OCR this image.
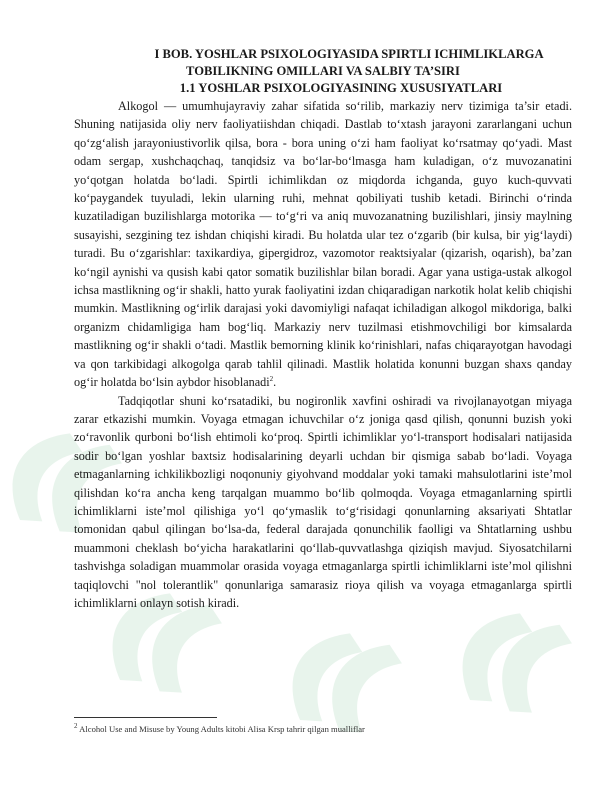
I BOB. YOSHLAR PSIXOLOGIYASIDA SPIRTLI ICHIMLIKLARGA
TOBILIKNING OMILLARI VA SALBIY TA’SIRI
1.1 YOSHLAR PSIXOLOGIYASINING XUSUSIYATLARI

Alkogol — umumhujayraviy zahar sifatida so‘rilib, markaziy nerv tizimiga ta’sir etadi. Shuning natijasida oliy nerv faoliyatiishdan chiqadi. Dastlab to‘xtash jarayoni zararlangani uchun qo‘zg‘alish jarayoniustivorlik qilsa, bora - bora uning o‘zi ham faoliyat ko‘rsatmay qo‘yadi. Mast odam sergap, xushchaqchaq, tanqidsiz va bo‘lar-bo‘lmasga ham kuladigan, o‘z muvozanatini yo‘qotgan holatda bo‘ladi. Spirtli ichimlikdan oz miqdorda ichganda, guyo kuch-quvvati ko‘paygandek tuyuladi, lekin ularning ruhi, mehnat qobiliyati tushib ketadi. Birinchi o‘rinda kuzatiladigan buzilishlarga motorika — to‘g‘ri va aniq muvozanatning buzilishlari, jinsiy maylning susayishi, sezgining tez ishdan chiqishi kiradi. Bu holatda ular tez o‘zgarib (bir kulsa, bir yig‘laydi) turadi. Bu o‘zgarishlar: taxikardiya, gipergidroz, vazomotor reaktsiyalar (qizarish, oqarish), ba’zan ko‘ngil aynishi va qusish kabi qator somatik buzilishlar bilan boradi. Agar yana ustiga-ustak alkogol ichsa mastlikning og‘ir shakli, hatto yurak faoliyatini izdan chiqaradigan narkotik holat kelib chiqishi mumkin. Mastlikning og‘irlik darajasi yoki davomiyligi nafaqat ichiladigan alkogol mikdoriga, balki organizm chidamligiga ham bog‘liq. Markaziy nerv tuzilmasi etishmovchiligi bor kimsalarda mastlikning og‘ir shakli o‘tadi. Mastlik bemorning klinik ko‘rinishlari, nafas chiqarayotgan havodagi va qon tarkibidagi alkogolga qarab tahlil qilinadi. Mastlik holatida konunni buzgan shaxs qanday og‘ir holatda bo‘lsin aybdor hisoblanadi$^2$.

Tadqiqotlar shuni ko‘rsatadiki, bu nogironlik xavfini oshiradi va rivojlanayotgan miyaga zarar etkazishi mumkin. Voyaga etmagan ichuvchilar o‘z joniga qasd qilish, qonunni buzish yoki zo‘ravonlik qurboni bo‘lish ehtimoli ko‘proq. Spirtli ichimliklar yo‘l-transport hodisalari natijasida sodir bo‘lgan yoshlar baxtsiz hodisalarining deyarli uchdan bir qismiga sabab bo‘ladi. Voyaga etmaganlarning ichkilikbozligi noqonuniy giyohvand moddalar yoki tamaki mahsulotlarini iste’mol qilishdan ko‘ra ancha keng tarqalgan muammo bo‘lib qolmoqda. Voyaga etmaganlarning spirtli ichimliklarni iste’mol qilishiga yo‘l qo‘ymaslik to‘g‘risidagi qonunlarning aksariyati Shtatlar tomonidan qabul qilingan bo‘lsa-da, federal darajada qonunchilik faolligi va Shtatlarning ushbu muammoni cheklash bo‘yicha harakatlarini qo‘llab-quvvatlashga qiziqish mavjud. Siyosatchilarni tashvishga soladigan muammolar orasida voyaga etmaganlarga spirtli ichimliklarni iste’mol qilishni taqiqlovchi "nol tolerantlik" qonunlariga samarasiz rioya qilish va voyaga etmaganlarga spirtli ichimliklarni onlayn sotish kiradi.

$^2$ Alcohol Use and Misuse by Young Adults kitobi Alisa Krsp tahrir qilgan mualliflar
